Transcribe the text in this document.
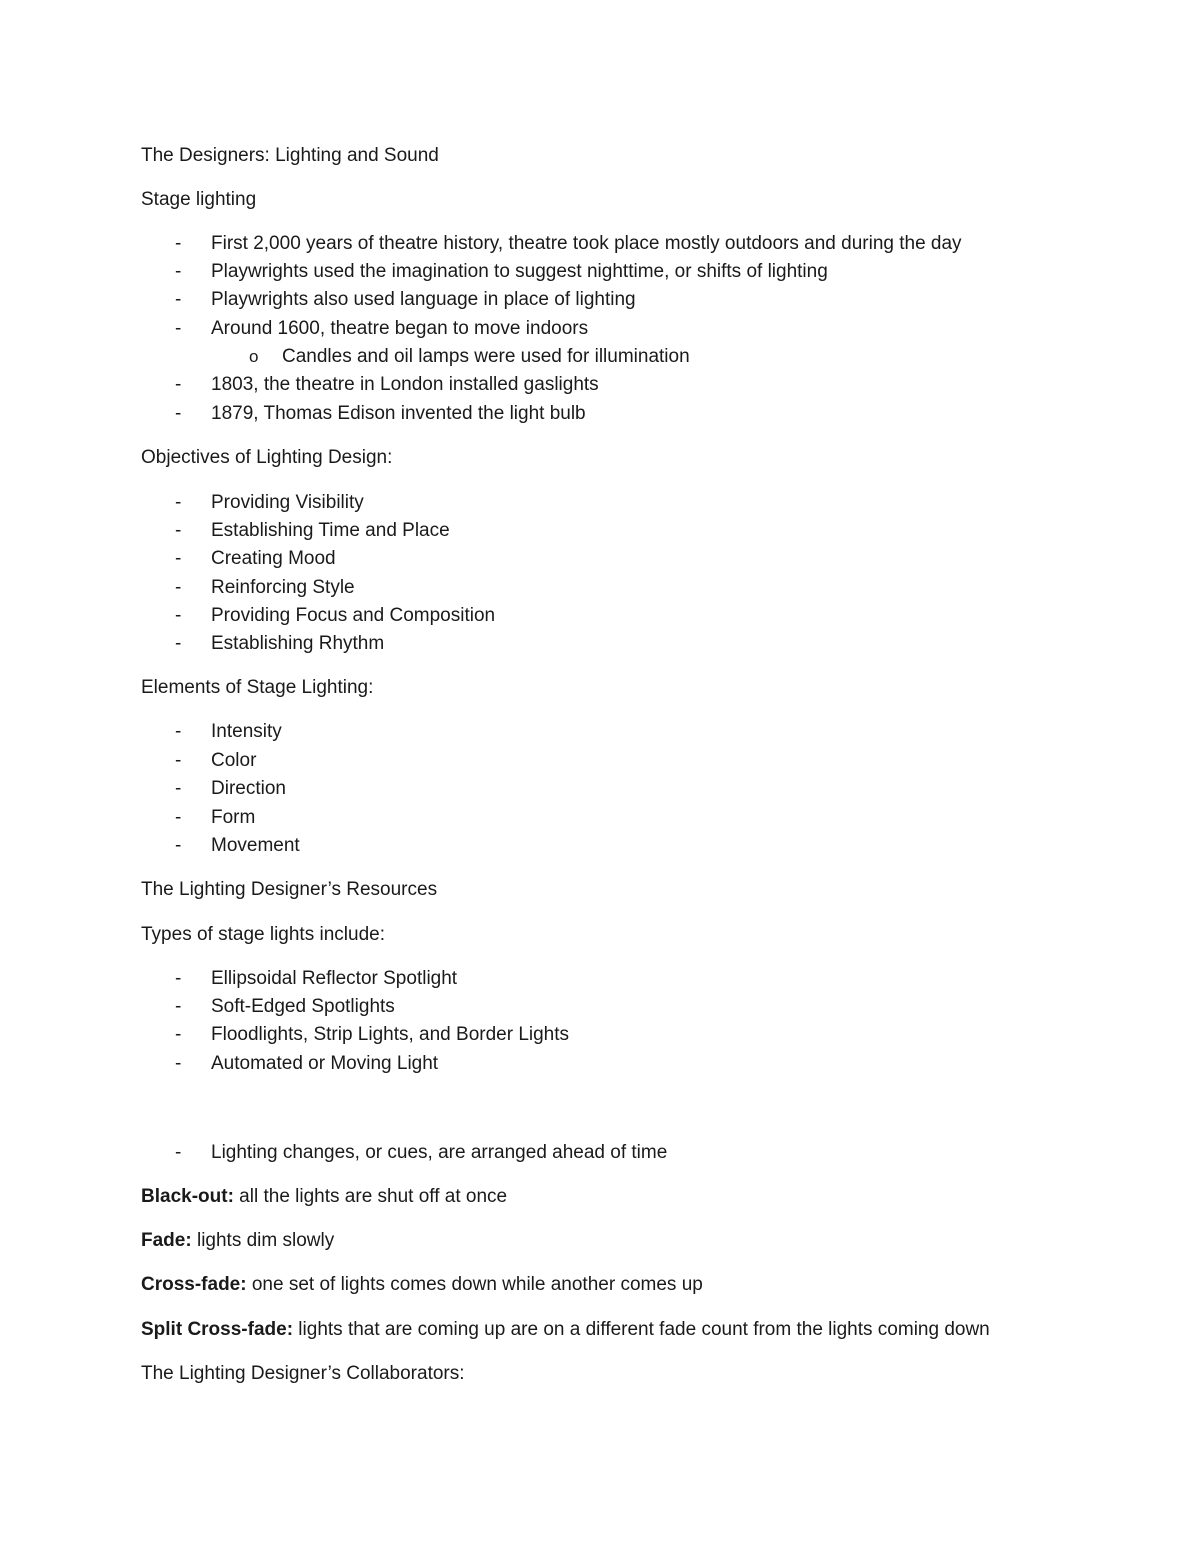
The Designers: Lighting and Sound
Stage lighting
- First 2,000 years of theatre history, theatre took place mostly outdoors and during the day
- Playwrights used the imagination to suggest nighttime, or shifts of lighting
- Playwrights also used language in place of lighting
- Around 1600, theatre began to move indoors
o Candles and oil lamps were used for illumination
- 1803, the theatre in London installed gaslights
- 1879, Thomas Edison invented the light bulb
Objectives of Lighting Design:
- Providing Visibility
- Establishing Time and Place
- Creating Mood
- Reinforcing Style
- Providing Focus and Composition
- Establishing Rhythm
Elements of Stage Lighting:
- Intensity
- Color
- Direction
- Form
- Movement
The Lighting Designer’s Resources
Types of stage lights include:
- Ellipsoidal Reflector Spotlight
- Soft-Edged Spotlights
- Floodlights, Strip Lights, and Border Lights
- Automated or Moving Light
- Lighting changes, or cues, are arranged ahead of time
Black-out: all the lights are shut off at once
Fade: lights dim slowly
Cross-fade: one set of lights comes down while another comes up
Split Cross-fade: lights that are coming up are on a different fade count from the lights coming down
The Lighting Designer’s Collaborators:
